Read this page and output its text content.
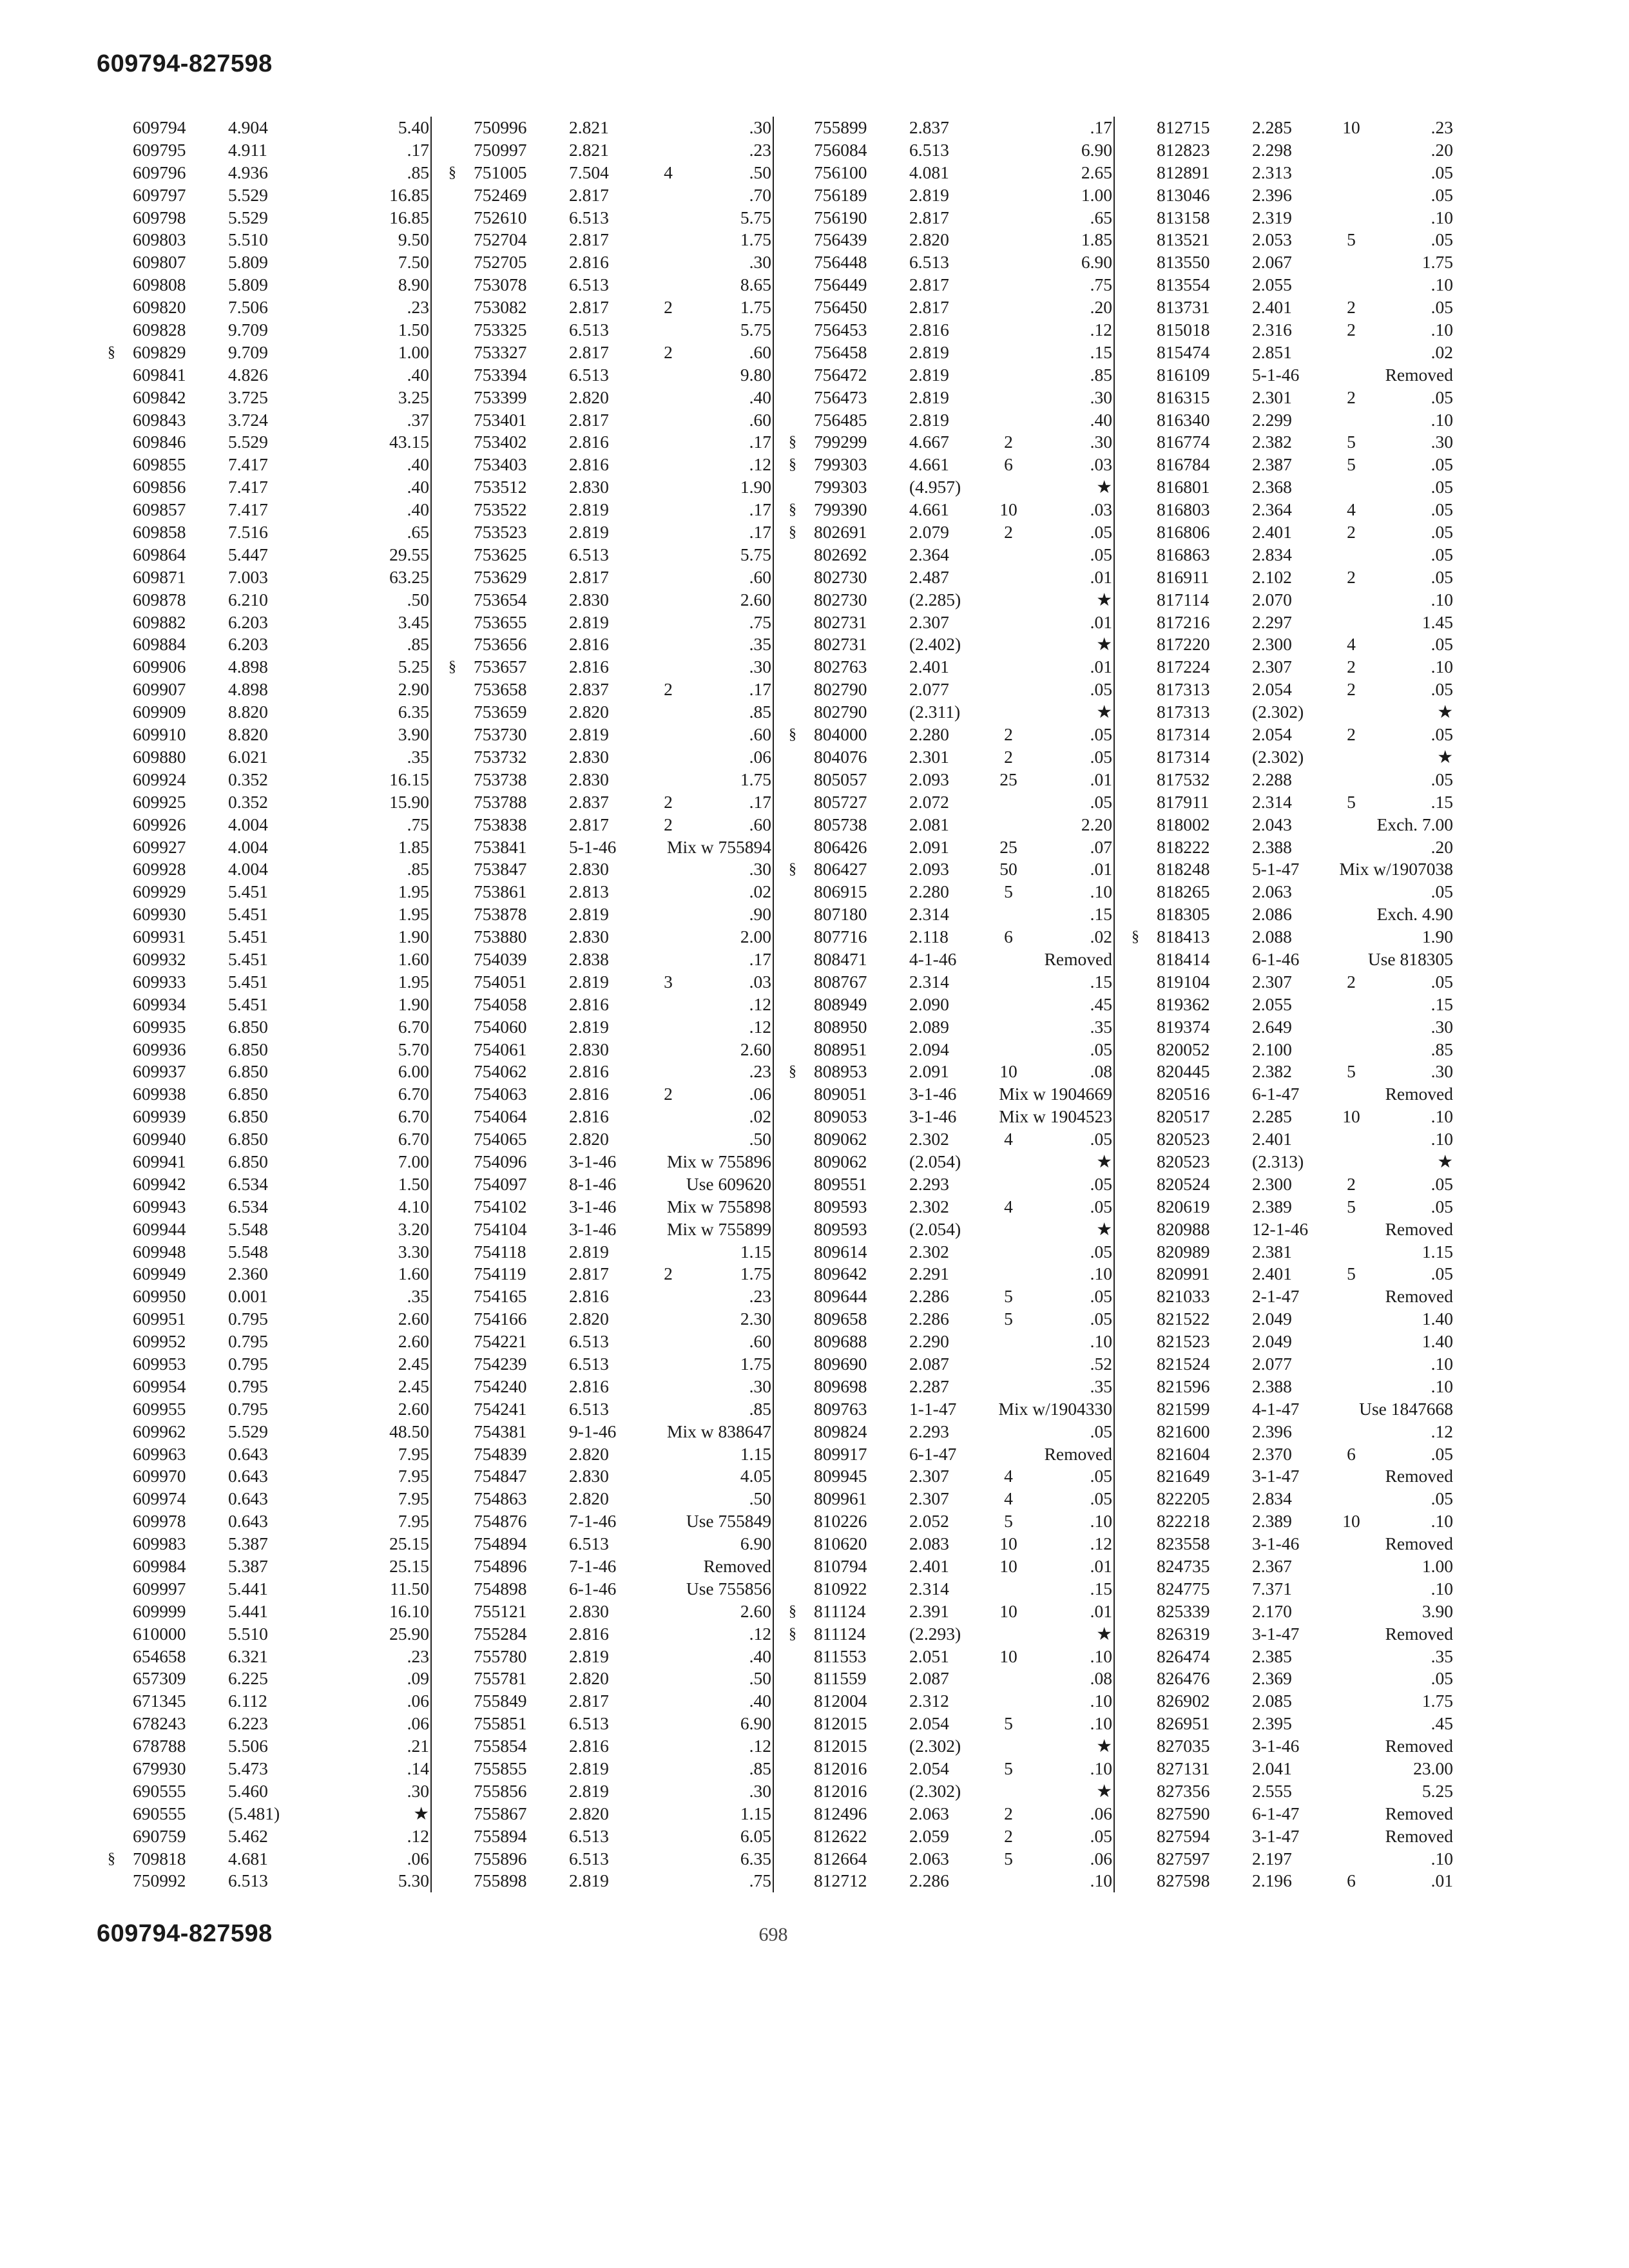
609794-827598
609794 4.904	5.40
609795 4.911	.17
609796 4.936	.85
609797 5.529	16.85
609798 5.529	16.85
609803 5.510	9.50
609807 5.809	7.50
609808 5.809	8.90
609820 7.506	.23
609828 9.709	1.50
§ 609829 9.709	1.00
609841 4.826	.40
609842 3.725	3.25
609843 3.724	.37
609846 5.529	43.15
609855 7.417	.40
609856 7.417	.40
609857 7.417	.40
609858 7.516	.65
609864 5.447	29.55
609871 7.003	63.25
609878 6.210	.50
609882 6.203	3.45
609884 6.203	.85
609906 4.898	5.25
609907 4.898	2.90
609909 8.820	6.35
609910 8.820	3.90
609880 6.021	.35
609924 0.352	16.15
609925 0.352	15.90
609926 4.004	.75
609927 4.004	1.85
609928 4.004	.85
609929 5.451	1.95
609930 5.451	1.95
609931 5.451	1.90
609932 5.451	1.60
609933 5.451	1.95
609934 5.451	1.90
609935 6.850	6.70
609936 6.850	5.70
609937 6.850	6.00
609938 6.850	6.70
609939 6.850	6.70
609940 6.850	6.70
609941 6.850	7.00
609942 6.534	1.50
609943 6.534	4.10
609944 5.548	3.20
609948 5.548	3.30
609949 2.360	1.60
609950 0.001	.35
609951 0.795	2.60
609952 0.795	2.60
609953 0.795	2.45
609954 0.795	2.45
609955 0.795	2.60
609962 5.529	48.50
609963 0.643	7.95
609970 0.643	7.95
609974 0.643	7.95
609978 0.643	7.95
609983 5.387	25.15
609984 5.387	25.15
609997 5.441	11.50
609999 5.441	16.10
610000 5.510	25.90
654658 6.321	.23
657309 6.225	.09
671345 6.112	.06
678243 6.223	.06
678788 5.506	.21
679930 5.473	.14
690555 5.460	.30
690555 (5.481)	★
690759 5.462	.12
§ 709818 4.681	.06
750992 6.513	5.30
750996 2.821	.30
750997 2.821	.23
§ 751005 7.504	4	.50
752469 2.817	.70
752610 6.513	5.75
752704 2.817	1.75
752705 2.816	.30
753078 6.513	8.65
753082 2.817	2	1.75
753325 6.513	5.75
753327 2.817	2	.60
753394 6.513	9.80
753399 2.820	.40
753401 2.817	.60
753402 2.816	.17
753403 2.816	.12
753512 2.830	1.90
753522 2.819	.17
753523 2.819	.17
753625 6.513	5.75
753629 2.817	.60
753654 2.830	2.60
753655 2.819	.75
753656 2.816	.35
§ 753657 2.816	.30
753658 2.837	2	.17
753659 2.820	.85
753730 2.819	.60
753732 2.830	.06
753738 2.830	1.75
753788 2.837	2	.17
753838 2.817	2	.60
753841 5-1-46	Mix w 755894
753847 2.830	.30
753861 2.813	.02
753878 2.819	.90
753880 2.830	2.00
754039 2.838	.17
754051 2.819	3	.03
754058 2.816	.12
754060 2.819	.12
754061 2.830	2.60
754062 2.816	.23
754063 2.816	2	.06
754064 2.816	.02
754065 2.820	.50
754096 3-1-46	Mix w 755896
754097 8-1-46	Use 609620
754102 3-1-46	Mix w 755898
754104 3-1-46	Mix w 755899
754118 2.819	1.15
754119 2.817	2	1.75
754165 2.816	.23
754166 2.820	2.30
754221 6.513	.60
754239 6.513	1.75
754240 2.816	.30
754241 6.513	.85
754381 9-1-46	Mix w 838647
754839 2.820	1.15
754847 2.830	4.05
754863 2.820	.50
754876 7-1-46	Use 755849
754894 6.513	6.90
754896 7-1-46	Removed
754898 6-1-46	Use 755856
755121 2.830	2.60
755284 2.816	.12
755780 2.819	.40
755781 2.820	.50
755849 2.817	.40
755851 6.513	6.90
755854 2.816	.12
755855 2.819	.85
755856 2.819	.30
755867 2.820	1.15
755894 6.513	6.05
755896 6.513	6.35
755898 2.819	.75
755899 2.837	.17
756084 6.513	6.90
756100 4.081	2.65
756189 2.819	1.00
756190 2.817	.65
756439 2.820	1.85
756448 6.513	6.90
756449 2.817	.75
756450 2.817	.20
756453 2.816	.12
756458 2.819	.15
756472 2.819	.85
756473 2.819	.30
756485 2.819	.40
§ 799299 4.667	2	.30
§ 799303 4.661	6	.03
799303 (4.957)	★
§ 799390 4.661	10	.03
§ 802691 2.079	2	.05
802692 2.364	.05
802730 2.487	.01
802730 (2.285)	★
802731 2.307	.01
802731 (2.402)	★
802763 2.401	.01
802790 2.077	.05
802790 (2.311)	★
§ 804000 2.280	2	.05
804076 2.301	2	.05
805057 2.093	25	.01
805727 2.072	.05
805738 2.081	2.20
806426 2.091	25	.07
§ 806427 2.093	50	.01
806915 2.280	5	.10
807180 2.314	.15
807716 2.118	6	.02
808471 4-1-46	Removed
808767 2.314	.15
808949 2.090	.45
808950 2.089	.35
808951 2.094	.05
§ 808953 2.091	10	.08
809051 3-1-46 Mix w 1904669
809053 3-1-46 Mix w 1904523
809062 2.302	4	.05
809062 (2.054)	★
809551 2.293	.05
809593 2.302	4	.05
809593 (2.054)	★
809614 2.302	.05
809642 2.291	.10
809644 2.286	5	.05
809658 2.286	5	.05
809688 2.290	.10
809690 2.087	.52
809698 2.287	.35
809763 1-1-47 Mix w/1904330
809824 2.293	.05
809917 6-1-47	Removed
809945 2.307	4	.05
809961 2.307	4	.05
810226 2.052	5	.10
810620 2.083	10	.12
810794 2.401	10	.01
810922 2.314	.15
§ 811124 2.391	10	.01
§ 811124 (2.293)	★
811553 2.051	10	.10
811559 2.087	.08
812004 2.312	.10
812015 2.054	5	.10
812015 (2.302)	★
812016 2.054	5	.10
812016 (2.302)	★
812496 2.063	2	.06
812622 2.059	2	.05
812664 2.063	5	.06
812712 2.286	.10
812715 2.285	10	.23
812823 2.298	.20
812891 2.313	.05
813046 2.396	.05
813158 2.319	.10
813521 2.053	5	.05
813550 2.067	1.75
813554 2.055	.10
813731 2.401	2	.05
815018 2.316	2	.10
815474 2.851	.02
816109 5-1-46	Removed
816315 2.301	2	.05
816340 2.299	.10
816774 2.382	5	.30
816784 2.387	5	.05
816801 2.368	.05
816803 2.364	4	.05
816806 2.401	2	.05
816863 2.834	.05
816911 2.102	2	.05
817114 2.070	.10
817216 2.297	1.45
817220 2.300	4	.05
817224 2.307	2	.10
817313 2.054	2	.05
817313 (2.302)	★
817314 2.054	2	.05
817314 (2.302)	★
817532 2.288	.05
817911 2.314	5	.15
818002 2.043	Exch. 7.00
818222 2.388	.20
818248 5-1-47 Mix w/1907038
818265 2.063	.05
818305 2.086	Exch. 4.90
§ 818413 2.088	1.90
818414 6-1-46	Use 818305
819104 2.307	2	.05
819362 2.055	.15
819374 2.649	.30
820052 2.100	.85
820445 2.382	5	.30
820516 6-1-47	Removed
820517 2.285	10	.10
820523 2.401	.10
820523 (2.313)	★
820524 2.300	2	.05
820619 2.389	5	.05
820988 12-1-46	Removed
820989 2.381	1.15
820991 2.401	5	.05
821033 2-1-47	Removed
821522 2.049	1.40
821523 2.049	1.40
821524 2.077	.10
821596 2.388	.10
821599 4-1-47	Use 1847668
821600 2.396	.12
821604 2.370	6	.05
821649 3-1-47	Removed
822205 2.834	.05
822218 2.389	10	.10
823558 3-1-46	Removed
824735 2.367	1.00
824775 7.371	.10
825339 2.170	3.90
826319 3-1-47	Removed
826474 2.385	.35
826476 2.369	.05
826902 2.085	1.75
826951 2.395	.45
827035 3-1-46	Removed
827131 2.041	23.00
827356 2.555	5.25
827590 6-1-47	Removed
827594 3-1-47	Removed
827597 2.197	.10
827598 2.196	6	.01
609794-827598	698
